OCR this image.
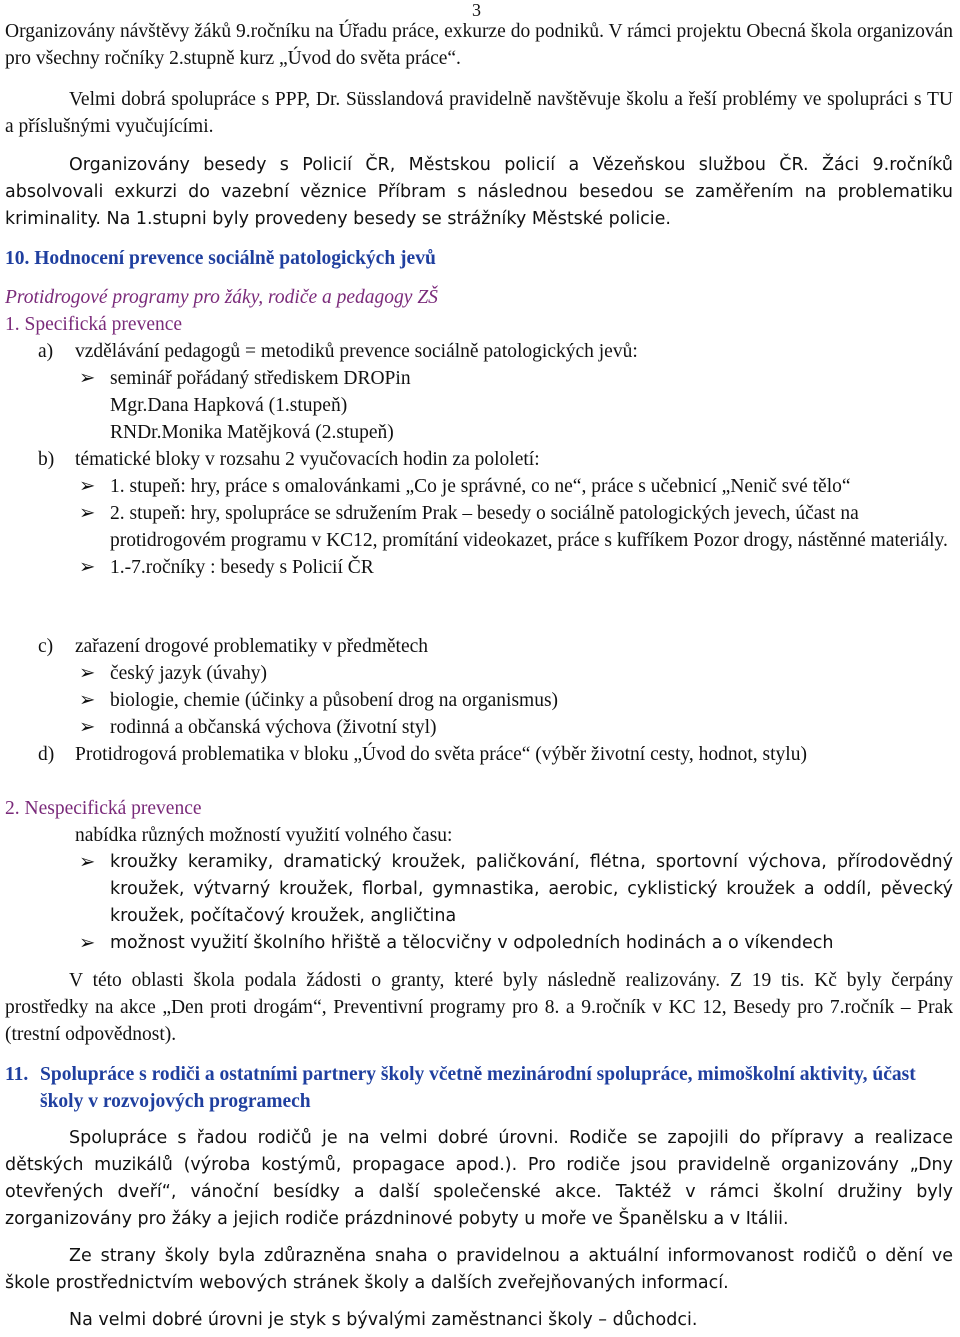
3

Organizovány návštěvy žáků 9.ročníku na Úřadu práce, exkurze do podniků. V rámci projektu Obecná škola organizován pro všechny ročníky 2.stupně kurz „Úvod do světa práce“.

Velmi dobrá spolupráce s PPP, Dr. Süsslandová pravidelně navštěvuje školu a řeší problémy ve spolupráci s TU a příslušnými vyučujícími.

Organizovány besedy s Policií ČR, Městskou policií a Vězeňskou službou ČR. Žáci 9.ročníků absolvovali exkurzi do vazební věznice Příbram s následnou besedou se zaměřením na problematiku kriminality. Na 1.stupni byly provedeny besedy se strážníky Městské policie.

10. Hodnocení prevence sociálně patologických jevů
Protidrogové programy pro žáky, rodiče a pedagogy ZŠ
1. Specifická prevence
a) vzdělávání pedagogů = metodiků prevence sociálně patologických jevů:
➢ seminář pořádaný střediskem DROPin
Mgr.Dana Hapková (1.stupeň)
RNDr.Monika Matějková (2.stupeň)
b) tématické bloky v rozsahu 2 vyučovacích hodin za pololetí:
➢ 1. stupeň: hry, práce s omalovánkami „Co je správné, co ne“, práce s učebnicí „Nenič své tělo“
➢ 2. stupeň: hry, spolupráce se sdružením Prak – besedy o sociálně patologických jevech, účast na protidrogovém programu v KC12, promítání videokazet, práce s kufříkem Pozor drogy, nástěnné materiály.
➢ 1.-7.ročníky : besedy s Policií ČR
c) zařazení drogové problematiky v předmětech
➢ český jazyk (úvahy)
➢ biologie, chemie (účinky a působení drog na organismus)
➢ rodinná a občanská výchova (životní styl)
d) Protidrogová problematika v bloku „Úvod do světa práce“ (výběr životní cesty, hodnot, stylu)
2. Nespecifická prevence
nabídka různých možností využití volného času:
➢ kroužky keramiky, dramatický kroužek, paličkování, flétna, sportovní výchova, přírodovědný kroužek, výtvarný kroužek, florbal, gymnastika, aerobic, cyklistický kroužek a oddíl, pěvecký kroužek, počítačový kroužek, angličtina
➢ možnost využití školního hřiště a tělocvičny v odpoledních hodinách a o víkendech

V této oblasti škola podala žádosti o granty, které byly následně realizovány. Z 19 tis. Kč byly čerpány prostředky na akce „Den proti drogám“, Preventivní programy pro 8. a 9.ročník v KC 12, Besedy pro 7.ročník – Prak (trestní odpovědnost).

11. Spolupráce s rodiči a ostatními partnery školy včetně mezinárodní spolupráce, mimoškolní aktivity, účast školy v rozvojových programech

Spolupráce s řadou rodičů je na velmi dobré úrovni. Rodiče se zapojili do přípravy a realizace dětských muzikálů (výroba kostýmů, propagace apod.). Pro rodiče jsou pravidelně organizovány „Dny otevřených dveří“, vánoční besídky a další společenské akce. Taktéž v rámci školní družiny byly zorganizovány pro žáky a jejich rodiče prázdninové pobyty u moře ve Španělsku a v Itálii.

Ze strany školy byla zdůrazněna snaha o pravidelnou a aktuální informovanost rodičů o dění ve škole prostřednictvím webových stránek školy a dalších zveřejňovaných informací.

Na velmi dobré úrovni je styk s bývalými zaměstnanci školy – důchodci.
